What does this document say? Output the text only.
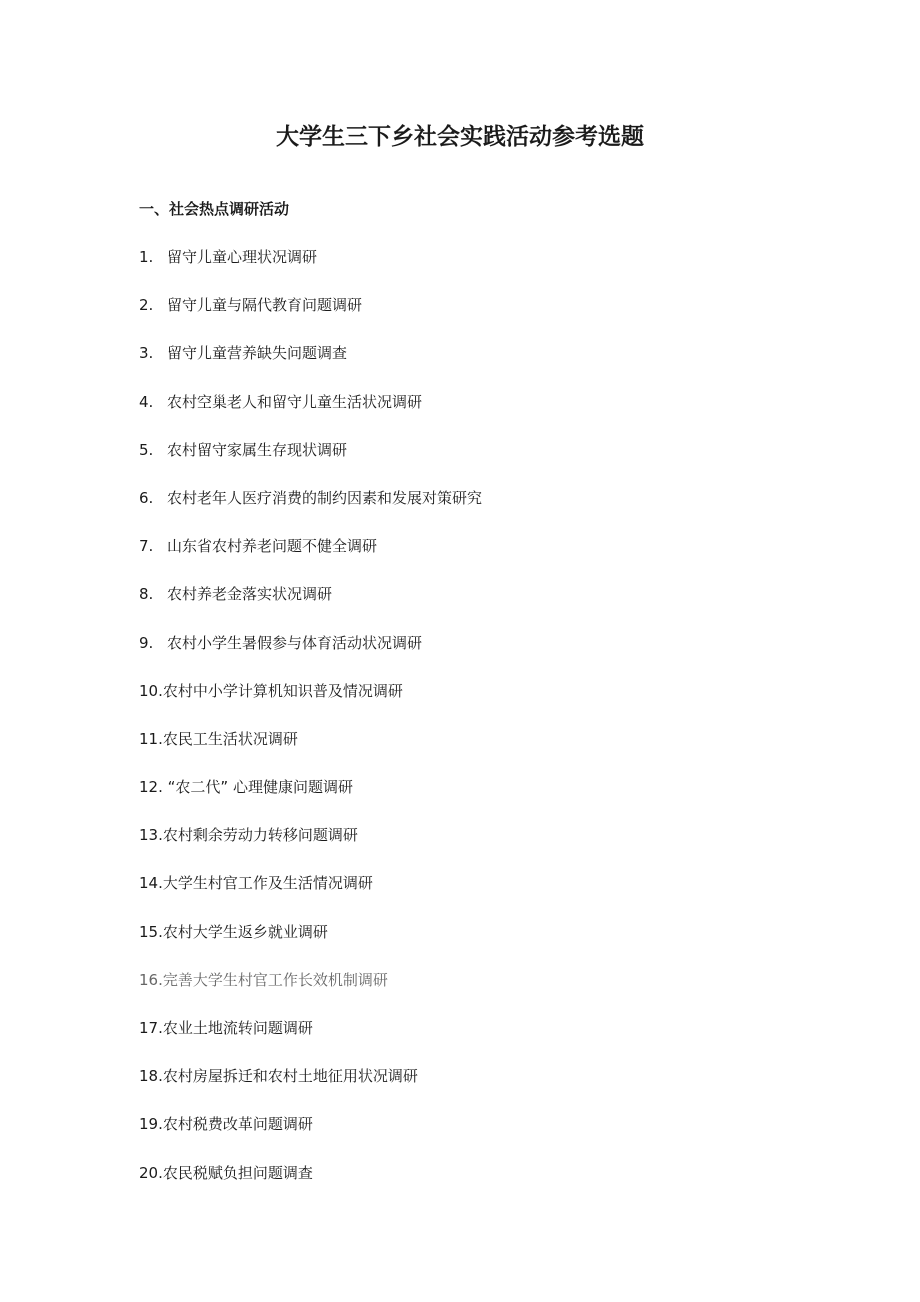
大学生三下乡社会实践活动参考选题
一、社会热点调研活动
1. 留守儿童心理状况调研
2. 留守儿童与隔代教育问题调研
3. 留守儿童营养缺失问题调查
4. 农村空巢老人和留守儿童生活状况调研
5. 农村留守家属生存现状调研
6. 农村老年人医疗消费的制约因素和发展对策研究
7. 山东省农村养老问题不健全调研
8. 农村养老金落实状况调研
9. 农村小学生暑假参与体育活动状况调研
10.农村中小学计算机知识普及情况调研
11.农民工生活状况调研
12. “农二代” 心理健康问题调研
13.农村剩余劳动力转移问题调研
14.大学生村官工作及生活情况调研
15.农村大学生返乡就业调研
16.完善大学生村官工作长效机制调研
17.农业土地流转问题调研
18.农村房屋拆迁和农村土地征用状况调研
19.农村税费改革问题调研
20.农民税赋负担问题调查
